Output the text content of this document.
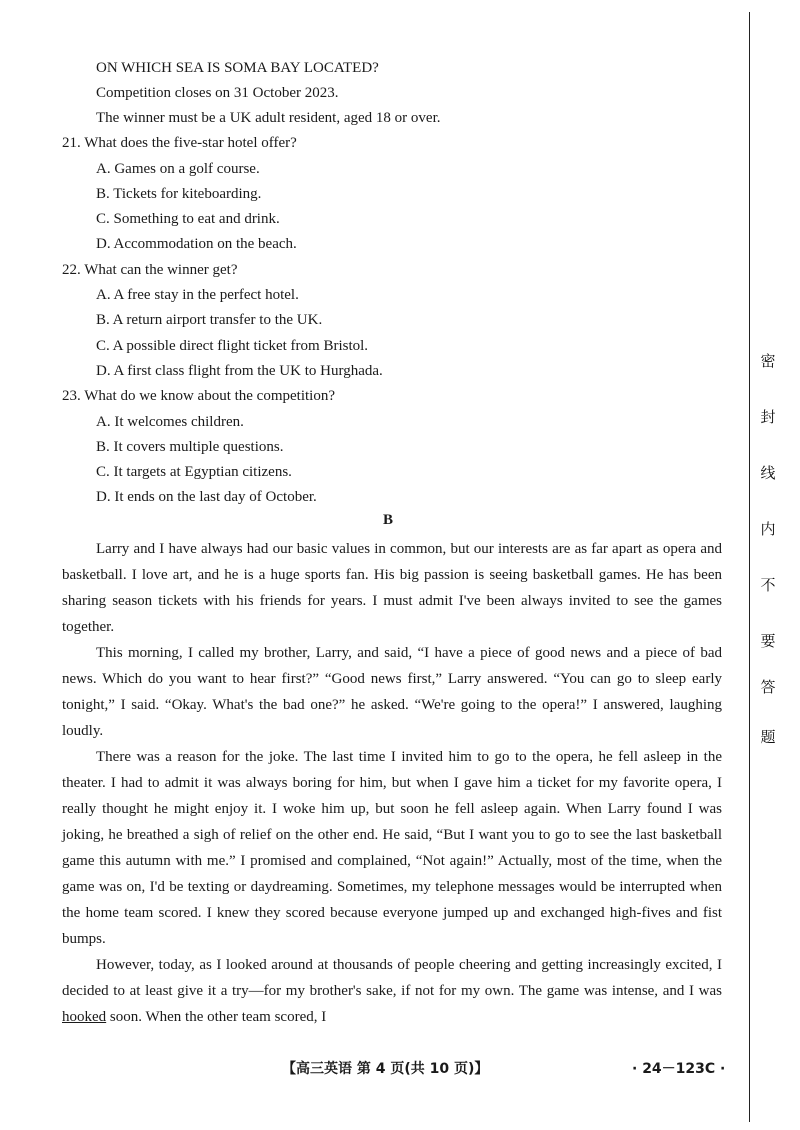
ON WHICH SEA IS SOMA BAY LOCATED?
Competition closes on 31 October 2023.
The winner must be a UK adult resident, aged 18 or over.
21. What does the five-star hotel offer?
A. Games on a golf course.
B. Tickets for kiteboarding.
C. Something to eat and drink.
D. Accommodation on the beach.
22. What can the winner get?
A. A free stay in the perfect hotel.
B. A return airport transfer to the UK.
C. A possible direct flight ticket from Bristol.
D. A first class flight from the UK to Hurghada.
23. What do we know about the competition?
A. It welcomes children.
B. It covers multiple questions.
C. It targets at Egyptian citizens.
D. It ends on the last day of October.
B

Larry and I have always had our basic values in common, but our interests are as far apart as opera and basketball. I love art, and he is a huge sports fan. His big passion is seeing basketball games. He has been sharing season tickets with his friends for years. I must admit I've been always invited to see the games together.

This morning, I called my brother, Larry, and said, “I have a piece of good news and a piece of bad news. Which do you want to hear first?” “Good news first,” Larry answered. “You can go to sleep early tonight,” I said. “Okay. What's the bad one?” he asked. “We're going to the opera!” I answered, laughing loudly.

There was a reason for the joke. The last time I invited him to go to the opera, he fell asleep in the theater. I had to admit it was always boring for him, but when I gave him a ticket for my favorite opera, I really thought he might enjoy it. I woke him up, but soon he fell asleep again. When Larry found I was joking, he breathed a sigh of relief on the other end. He said, “But I want you to go to see the last basketball game this autumn with me.” I promised and complained, “Not again!” Actually, most of the time, when the game was on, I'd be texting or daydreaming. Sometimes, my telephone messages would be interrupted when the home team scored. I knew they scored because everyone jumped up and exchanged high-fives and fist bumps.

However, today, as I looked around at thousands of people cheering and getting increasingly excited, I decided to at least give it a try—for my brother's sake, if not for my own. The game was intense, and I was hooked soon. When the other team scored, I

密
封
线
内
不
要
答
题
【高三英语 第 4 页(共 10 页)】	· 24－123C ·
